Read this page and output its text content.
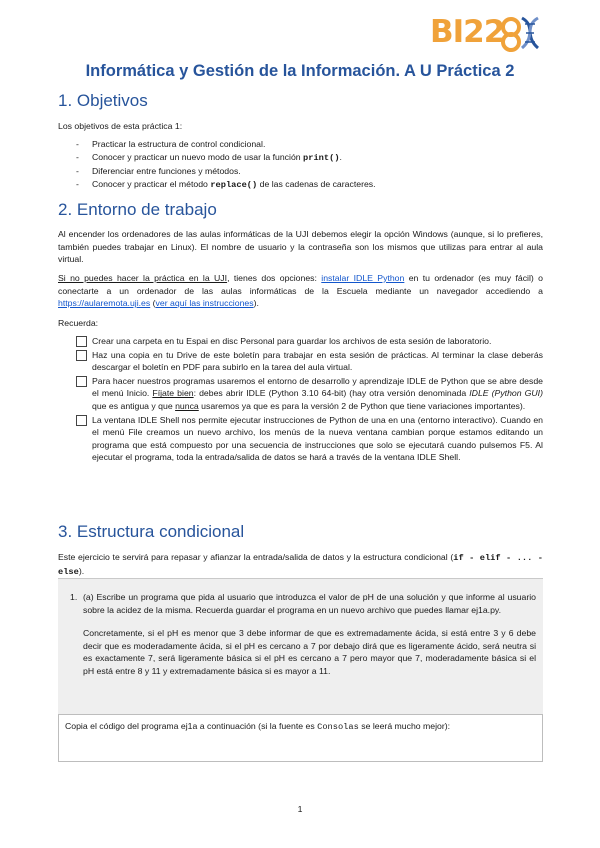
BI22
Informática y Gestión de la Información. A U Práctica 2
1. Objetivos
Los objetivos de esta práctica 1:
- Practicar la estructura de control condicional.
- Conocer y practicar un nuevo modo de usar la función print().
- Diferenciar entre funciones y métodos.
- Conocer y practicar el método replace() de las cadenas de caracteres.
2. Entorno de trabajo
Al encender los ordenadores de las aulas informáticas de la UJI debemos elegir la opción Windows (aunque, si lo prefieres, también puedes trabajar en Linux). El nombre de usuario y la contraseña son los mismos que utilizas para entrar al aula virtual.
Si no puedes hacer la práctica en la UJI, tienes dos opciones: instalar IDLE Python en tu ordenador (es muy fácil) o conectarte a un ordenador de las aulas informáticas de la Escuela mediante un navegador accediendo a https://aularemota.uji.es (ver aquí las instrucciones).
Recuerda:
Crear una carpeta en tu Espai en disc Personal para guardar los archivos de esta sesión de laboratorio.
Haz una copia en tu Drive de este boletín para trabajar en esta sesión de prácticas. Al terminar la clase deberás descargar el boletín en PDF para subirlo en la tarea del aula virtual.
Para hacer nuestros programas usaremos el entorno de desarrollo y aprendizaje IDLE de Python que se abre desde el menú Inicio. Fíjate bien: debes abrir IDLE (Python 3.10 64-bit) (hay otra versión denominada IDLE (Python GUI) que es antigua y que nunca usaremos ya que es para la versión 2 de Python que tiene variaciones importantes).
La ventana IDLE Shell nos permite ejecutar instrucciones de Python de una en una (entorno interactivo). Cuando en el menú File creamos un nuevo archivo, los menús de la nueva ventana cambian porque estamos editando un programa que está compuesto por una secuencia de instrucciones que solo se ejecutará cuando pulsemos F5. Al ejecutar el programa, toda la entrada/salida de datos se hará a través de la ventana IDLE Shell.
3. Estructura condicional
Este ejercicio te servirá para repasar y afianzar la entrada/salida de datos y la estructura condicional (if - elif - ... - else).
1. (a) Escribe un programa que pida al usuario que introduzca el valor de pH de una solución y que informe al usuario sobre la acidez de la misma. Recuerda guardar el programa en un nuevo archivo que puedes llamar ej1a.py.
Concretamente, si el pH es menor que 3 debe informar de que es extremadamente ácida, si está entre 3 y 6 debe decir que es moderadamente ácida, si el pH es cercano a 7 por debajo dirá que es ligeramente ácido, será neutra si es exactamente 7, será ligeramente básica si el pH es cercano a 7 pero mayor que 7, moderadamente básica si el pH está entre 8 y 11 y extremadamente básica si es mayor a 11.
Copia el código del programa ej1a a continuación (si la fuente es Consolas se leerá mucho mejor):
1
